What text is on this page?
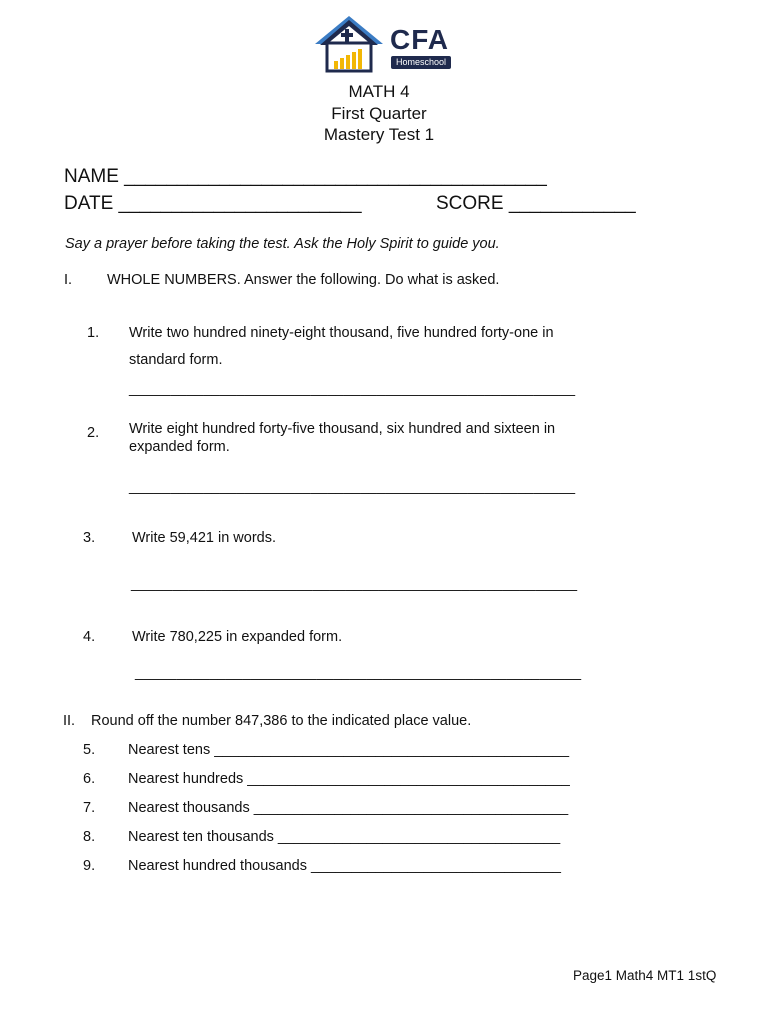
CFA
Homeschool
MATH 4
First Quarter
Mastery Test 1
NAME ________________________________________
DATE _______________________	SCORE ____________
Say a prayer before taking the test. Ask the Holy Spirit to guide you.
I. WHOLE NUMBERS. Answer the following. Do what is asked.
1. Write two hundred ninety-eight thousand, five hundred forty-one in
standard form.
______________________________________________________
2. Write eight hundred forty-five thousand, six hundred and sixteen in
expanded form.
______________________________________________________
3.	Write 59,421 in words.
______________________________________________________
4.	Write 780,225 in expanded form.
______________________________________________________
II. Round off the number 847,386 to the indicated place value.
5. Nearest tens ____________________________________________
6. Nearest hundreds ________________________________________
7. Nearest thousands _______________________________________
8. Nearest ten thousands ___________________________________
9. Nearest hundred thousands _______________________________
Page1 Math4 MT1 1stQ
